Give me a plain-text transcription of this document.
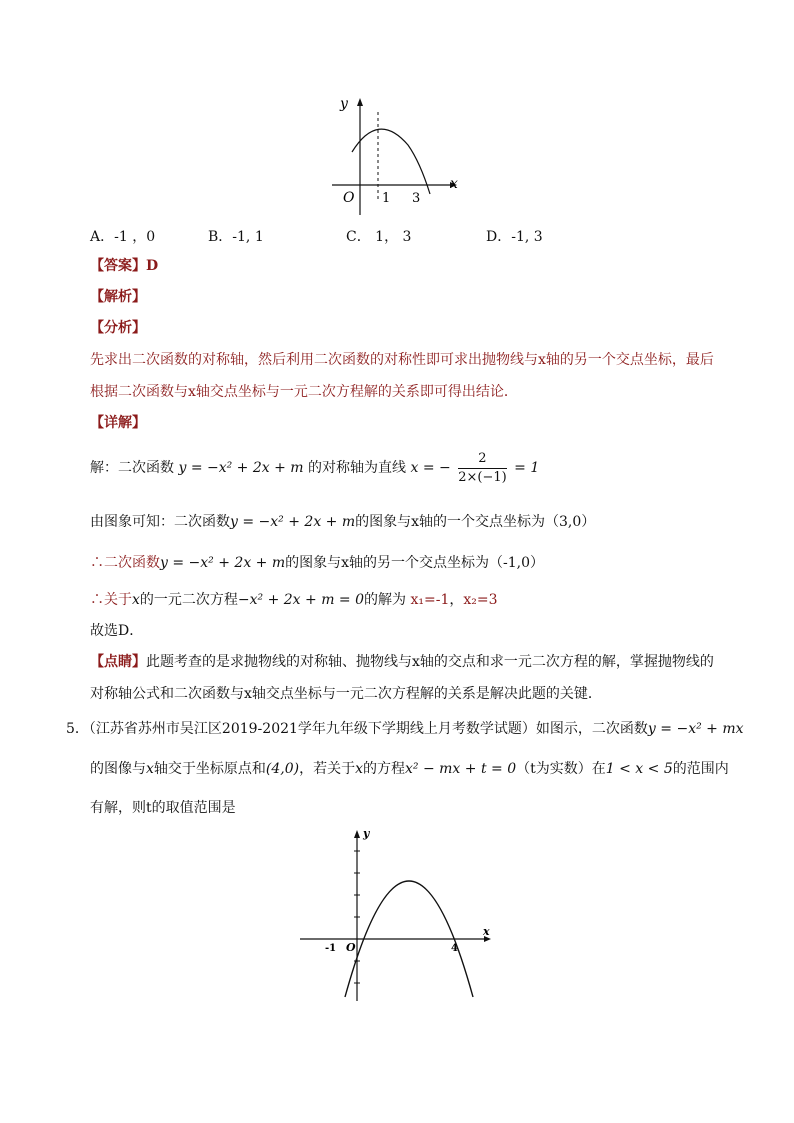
y
x
O 1 3
A．-1 ，0	B．-1, 1	C． 1， 3	D．-1, 3
【答案】D
【解析】
【分析】
先求出二次函数的对称轴，然后利用二次函数的对称性即可求出抛物线与x轴的另一个交点坐标，最后
根据二次函数与x轴交点坐标与一元二次方程解的关系即可得出结论．
【详解】
解：二次函数 y = −x² + 2x + m 的对称轴为直线 x = − $\frac{2}{2\times(-1)} = 1$
由图象可知：二次函数y = −x² + 2x + m的图象与x轴的一个交点坐标为（3,0）
∴二次函数y = −x² + 2x + m的图象与x轴的另一个交点坐标为（-1,0）
∴关于x的一元二次方程−x² + 2x + m = 0的解为 x₁=-1，x₂=3
故选D．
【点睛】此题考查的是求抛物线的对称轴、抛物线与x轴的交点和求一元二次方程的解，掌握抛物线的
对称轴公式和二次函数与x轴交点坐标与一元二次方程解的关系是解决此题的关键．
5．（江苏省苏州市吴江区2019-2021学年九年级下学期线上月考数学试题）如图示，二次函数y = −x² + mx
的图像与x轴交于坐标原点和(4,0)，若关于x的方程x² − mx + t = 0（t为实数）在1 < x < 5的范围内
有解，则t的取值范围是
y
x
O
-1	4
